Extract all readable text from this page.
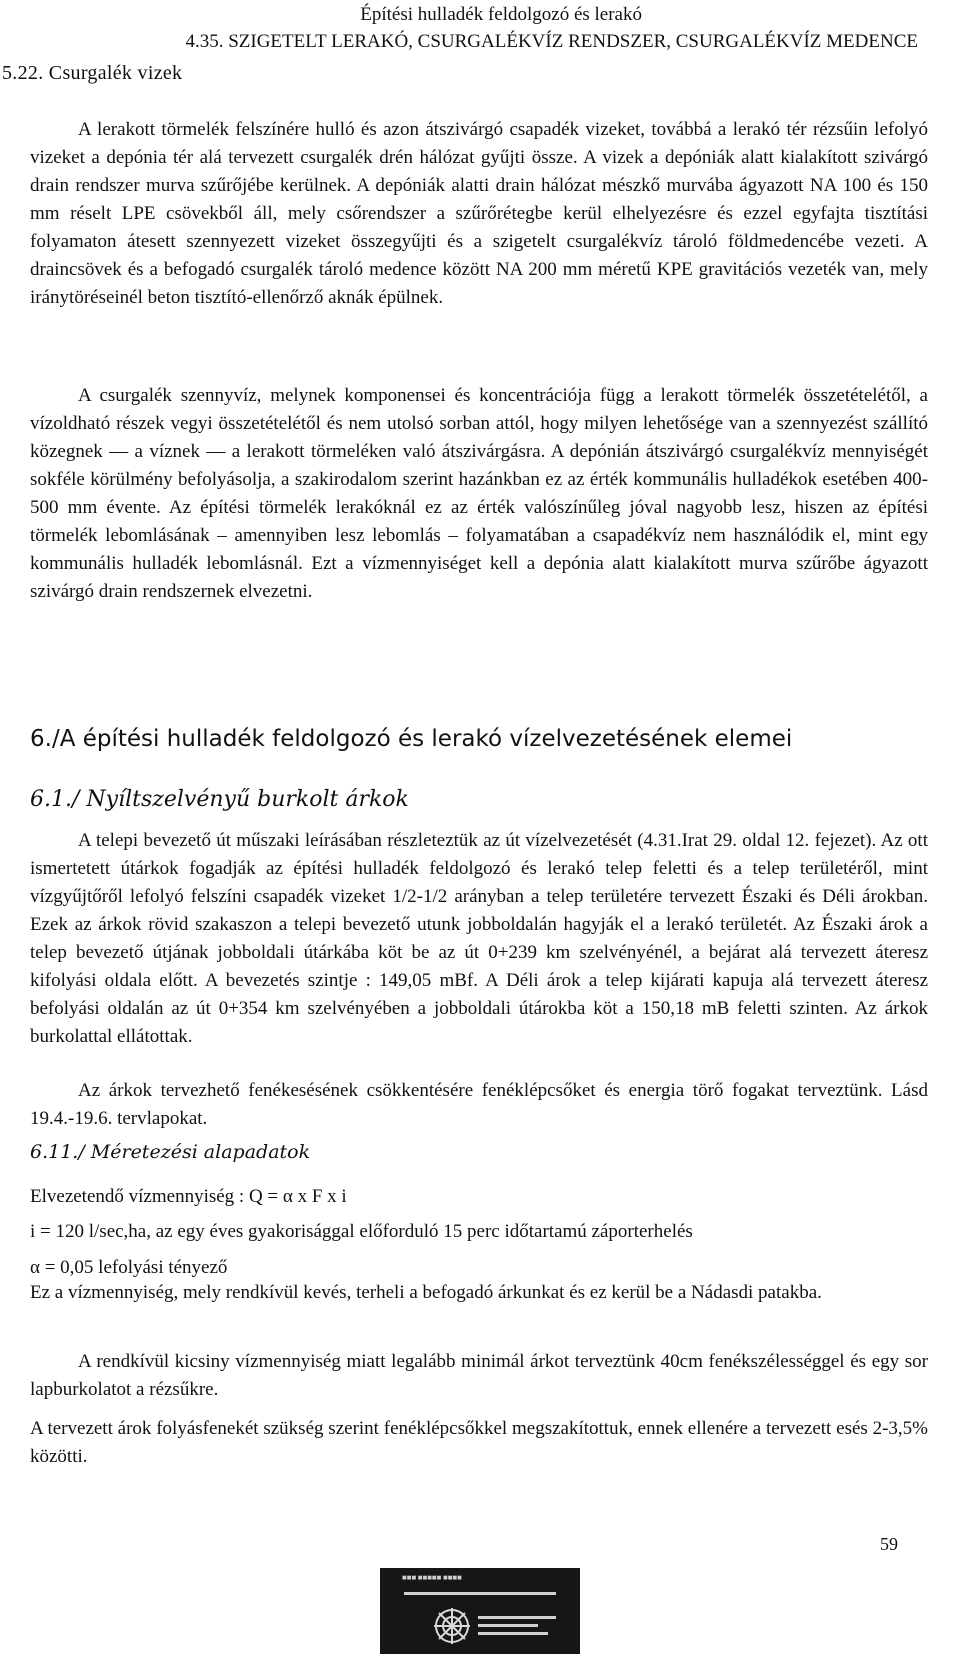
Építési hulladék feldolgozó és lerakó
4.35. SZIGETELT LERAKÓ, CSURGALÉKVÍZ RENDSZER, CSURGALÉKVÍZ MEDENCE
5.22. Csurgalék vizek

A lerakott törmelék felszínére hulló és azon átszivárgó csapadék vizeket, továbbá a lerakó tér rézsűin lefolyó vizeket a depónia tér alá tervezett csurgalék drén hálózat gyűjti össze. A vizek a depóniák alatt kialakított szivárgó drain rendszer murva szűrőjébe kerülnek. A depóniák alatti drain hálózat mészkő murvába ágyazott NA 100 és 150 mm réselt LPE csövekből áll, mely csőrendszer a szűrőrétegbe kerül elhelyezésre és ezzel egyfajta tisztítási folyamaton átesett szennyezett vizeket összegyűjti és a szigetelt csurgalékvíz tároló földmedencébe vezeti. A draincsövek és a befogadó csurgalék tároló medence között NA 200 mm méretű KPE gravitációs vezeték van, mely iránytöréseinél beton tisztító-ellenőrző aknák épülnek.

A csurgalék szennyvíz, melynek komponensei és koncentrációja függ a lerakott törmelék összetételétől, a vízoldható részek vegyi összetételétől és nem utolsó sorban attól, hogy milyen lehetősége van a szennyezést szállító közegnek — a víznek — a lerakott törmeléken való átszivárgásra. A depónián átszivárgó csurgalékvíz mennyiségét sokféle körülmény befolyásolja, a szakirodalom szerint hazánkban ez az érték kommunális hulladékok esetében 400-500 mm évente. Az építési törmelék lerakóknál ez az érték valószínűleg jóval nagyobb lesz, hiszen az építési törmelék lebomlásának – amennyiben lesz lebomlás – folyamatában a csapadékvíz nem használódik el, mint egy kommunális hulladék lebomlásnál. Ezt a vízmennyiséget kell a depónia alatt kialakított murva szűrőbe ágyazott szivárgó drain rendszernek elvezetni.

6./A építési hulladék feldolgozó és lerakó vízelvezetésének elemei
6.1./ Nyíltszelvényű burkolt árkok

A telepi bevezető út műszaki leírásában részleteztük az út vízelvezetését (4.31.Irat 29. oldal 12. fejezet). Az ott ismertetett útárkok fogadják az építési hulladék feldolgozó és lerakó telep feletti és a telep területéről, mint vízgyűjtőről lefolyó felszíni csapadék vizeket 1/2-1/2 arányban a telep területére tervezett Északi és Déli árokban. Ezek az árkok rövid szakaszon a telepi bevezető utunk jobboldalán hagyják el a lerakó területét. Az Északi árok a telep bevezető útjának jobboldali útárkába köt be az út 0+239 km szelvényénél, a bejárat alá tervezett áteresz kifolyási oldala előtt. A bevezetés szintje : 149,05 mBf. A Déli árok a telep kijárati kapuja alá tervezett áteresz befolyási oldalán az út 0+354 km szelvényében a jobboldali útárokba köt a 150,18 mB feletti szinten. Az árkok burkolattal ellátottak.

Az árkok tervezhető fenékesésének csökkentésére fenéklépcsőket és energia törő fogakat terveztünk. Lásd 19.4.-19.6. tervlapokat.

6.11./ Méretezési alapadatok
Elvezetendő vízmennyiség : Q = α x F x i
i = 120 l/sec,ha, az egy éves gyakorisággal előforduló 15 perc időtartamú záporterhelés
α = 0,05 lefolyási tényező

Ez a vízmennyiség, mely rendkívül kevés, terheli a befogadó árkunkat és ez kerül be a Nádasdi patakba.

A rendkívül kicsiny vízmennyiség miatt legalább minimál árkot terveztünk 40cm fenékszélességgel és egy sor lapburkolatot a rézsűkre.

A tervezett árok folyásfenekét szükség szerint fenéklépcsőkkel megszakítottuk, ennek ellenére a tervezett esés 2-3,5% közötti.

59
■■■ ■■■■■ ■■■■
